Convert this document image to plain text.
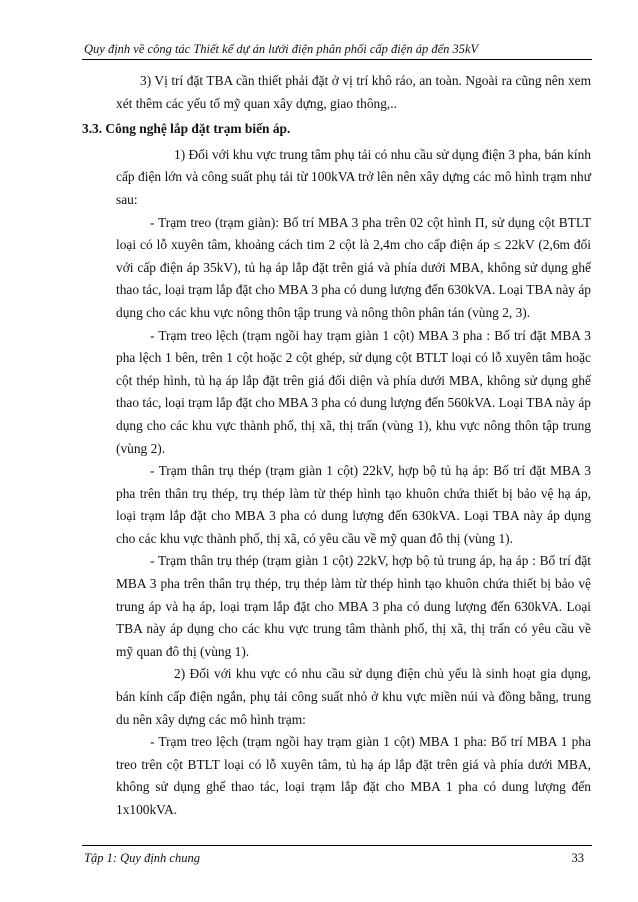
Quy định về công tác Thiết kế dự án lưới điện phân phối cấp điện áp đến 35kV

3) Vị trí đặt TBA cần thiết phải đặt ở vị trí khô ráo, an toàn. Ngoài ra cũng nên xem xét thêm các yếu tố mỹ quan xây dựng, giao thông,..

3.3. Công nghệ lắp đặt trạm biến áp.

1) Đối với khu vực trung tâm phụ tải có nhu cầu sử dụng điện 3 pha, bán kính cấp điện lớn và công suất phụ tải từ 100kVA trở lên nên xây dựng các mô hình trạm như sau:

- Trạm treo (trạm giàn): Bố trí MBA 3 pha trên 02 cột hình Π, sử dụng cột BTLT loại có lỗ xuyên tâm, khoảng cách tim 2 cột là 2,4m cho cấp điện áp ≤ 22kV (2,6m đối với cấp điện áp 35kV), tủ hạ áp lắp đặt trên giá và phía dưới MBA, không sử dụng ghế thao tác, loại trạm lắp đặt cho MBA 3 pha có dung lượng đến 630kVA. Loại TBA này áp dụng cho các khu vực nông thôn tập trung và nông thôn phân tán (vùng 2, 3).

- Trạm treo lệch (trạm ngồi hay trạm giàn 1 cột) MBA 3 pha : Bố trí đặt MBA 3 pha lệch 1 bên, trên 1 cột hoặc 2 cột ghép, sử dụng cột BTLT loại có lỗ xuyên tâm hoặc cột thép hình, tủ hạ áp lắp đặt trên giá đối diện và phía dưới MBA, không sử dụng ghế thao tác, loại trạm lắp đặt cho MBA 3 pha có dung lượng đến 560kVA. Loại TBA này áp dụng cho các khu vực thành phố, thị xã, thị trấn (vùng 1), khu vực nông thôn tập trung (vùng 2).

- Trạm thân trụ thép (trạm giàn 1 cột) 22kV, hợp bộ tủ hạ áp: Bố trí đặt MBA 3 pha trên thân trụ thép, trụ thép làm từ thép hình tạo khuôn chứa thiết bị bảo vệ hạ áp, loại trạm lắp đặt cho MBA 3 pha có dung lượng đến 630kVA. Loại TBA này áp dụng cho các khu vực thành phố, thị xã, có yêu cầu về mỹ quan đô thị (vùng 1).

- Trạm thân trụ thép (trạm giàn 1 cột) 22kV, hợp bộ tủ trung áp, hạ áp : Bố trí đặt MBA 3 pha trên thân trụ thép, trụ thép làm từ thép hình tạo khuôn chứa thiết bị bảo vệ trung áp và hạ áp, loại trạm lắp đặt cho MBA 3 pha có dung lượng đến 630kVA. Loại TBA này áp dụng cho các khu vực trung tâm thành phố, thị xã, thị trấn có yêu cầu về mỹ quan đô thị (vùng 1).

2) Đối với khu vực có nhu cầu sử dụng điện chủ yếu là sinh hoạt gia dụng, bán kính cấp điện ngắn, phụ tải công suất nhỏ ở khu vực miền núi và đồng bằng, trung du nên xây dựng các mô hình trạm:

- Trạm treo lệch (trạm ngồi hay trạm giàn 1 cột) MBA 1 pha: Bố trí MBA 1 pha treo trên cột BTLT loại có lỗ xuyên tâm, tủ hạ áp lắp đặt trên giá và phía dưới MBA, không sử dụng ghế thao tác, loại trạm lắp đặt cho MBA 1 pha có dung lượng đến 1x100kVA.

Tập 1: Quy định chung	33
